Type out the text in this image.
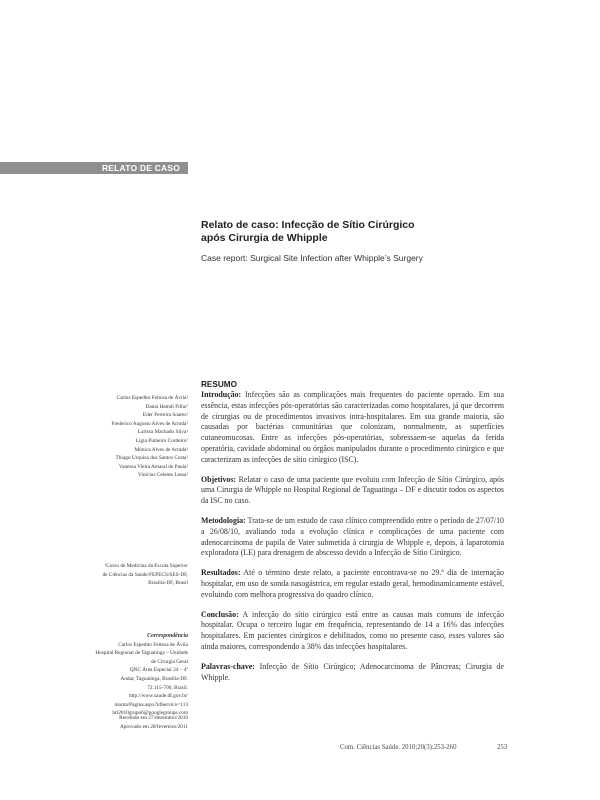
RELATO DE CASO
Relato de caso: Infecção de Sítio Cirúrgico
após Cirurgia de Whipple
Case report: Surgical Site Infection after Whipple’s Surgery
Carlos Espedito Feitosa de Ávila¹
Danai Hamdi Filho¹
Eder Ferreira Soares¹
Frederico Augusto Alves de Arruda¹
Larissa Machado Silva¹
Ligia Pinheiro Cordeiro¹
Mônica Alves de Arruda¹
Thiago Urquiza dos Santos Costa¹
Vanessa Vieira Amaral de Paula¹
Vinícius Celente Lessa¹
¹Curso de Medicina da Escola Superior
de Ciências da Saúde/FEPECS/SES-DF,
Brasília-DF, Brasil
Correspondência
Carlos Espedito Feitosa de Ávila
Hospital Regional de Taguatinga – Unidade
de Cirurgia Geral
QNC Área Especial 24 – 4º
Andar, Taguatinga, Brasília-DF.
72.115-700, Brasil.
http://www.saude.df.gov.br/
monta/Pagina.aspx?idServico=113
hrt2010grupo6@googlegroups.com
Recebido em 27/dezembro/2010
Aprovado em 28/fevereiro/2011
RESUMO

Introdução: Infecções são as complicações mais frequentes do paciente operado. Em sua essência, estas infecções pós-operatórias são caracterizadas como hospitalares, já que decorrem de cirurgias ou de procedimentos invasivos intra-hospitalares. Em sua grande maioria, são causadas por bactérias comunitárias que colonizam, normalmente, as superfícies cutaneomucosas. Entre as infecções pós-operatórias, sobressaem-se aquelas da ferida operatória, cavidade abdominal ou órgãos manipulados durante o procedimento cirúrgico e que caracterizam as infecções de sítio cirúrgico (ISC).

Objetivos: Relatar o caso de uma paciente que evoluiu com Infecção de Sítio Cirúrgico, após uma Cirurgia de Whipple no Hospital Regional de Taguatinga – DF e discutir todos os aspectos da ISC no caso.

Metodologia: Trata-se de um estudo de caso clínico compreendido entre o período de 27/07/10 a 26/08/10, avaliando toda a evolução clínica e complicações de uma paciente com adenocarcinoma de papila de Vater submetida à cirurgia de Whipple e, depois, à laparotomia exploradora (LE) para drenagem de abscesso devido a Infecção de Sítio Cirúrgico.

Resultados: Até o término deste relato, a paciente encontrava-se no 29.º dia de internação hospitalar, em uso de sonda nasogástrica, em regular estado geral, hemodinamicamente estável, evoluindo com melhora progressiva do quadro clínico.

Conclusão: A infecção do sítio cirúrgico está entre as causas mais comuns de infecção hospitalar. Ocupa o terceiro lugar em frequência, representando de 14 a 16% das infecções hospitalares. Em pacientes cirúrgicos e debilitados, como no presente caso, esses valores são ainda maiores, correspondendo a 38% das infecções hospitalares.

Palavras-chave: Infecção de Sítio Cirúrgico; Adenocarcinoma de Pâncreas; Cirurgia de Whipple.

Com. Ciências Saúde. 2010;20(3):253-260	253
